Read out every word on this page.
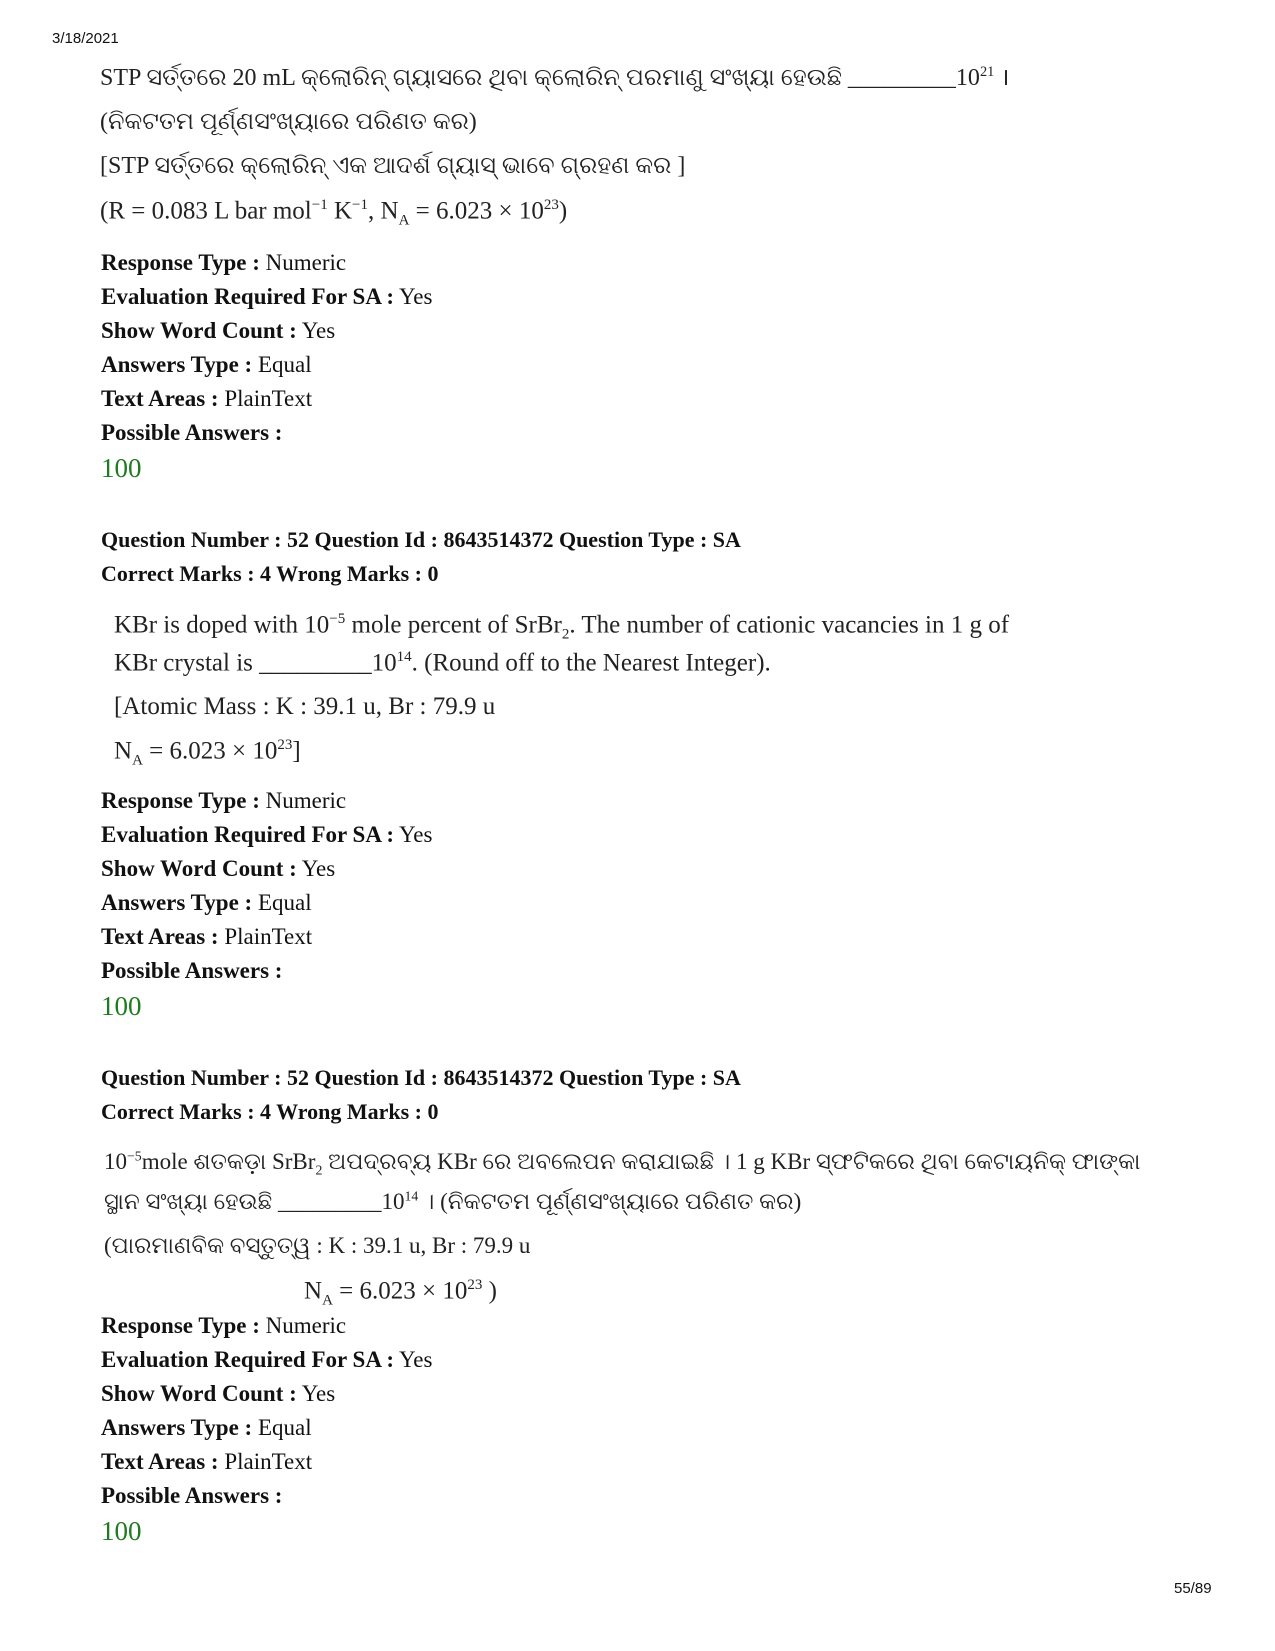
3/18/2021
STP ସର୍ତ୍ତରେ 20 mL କ୍ଲୋରିନ୍ ଗ୍ୟାସରେ ଥିବା କ୍ଲୋରିନ୍ ପରମାଣୁ ସଂଖ୍ୟା ହେଉଛି $\_\_\_\_\_\_\_\_\_10^{21}$ ।
(ନିକଟତମ ପୂର୍ଣ୍ଣସଂଖ୍ୟାରେ ପରିଣତ କର)
[STP ସର୍ତ୍ତରେ କ୍ଲୋରିନ୍ ଏକ ଆଦର୍ଶ ଗ୍ୟାସ୍ ଭାବେ ଗ୍ରହଣ କର ]
(R = 0.083 L bar mol$^{-1}$ $K^{-1}$, $N_A = 6.023 \times 10^{23}$)
Response Type : Numeric
Evaluation Required For SA : Yes
Show Word Count : Yes
Answers Type : Equal
Text Areas : PlainText
Possible Answers :
100
Question Number : 52 Question Id : 8643514372 Question Type : SA
Correct Marks : 4 Wrong Marks : 0
KBr is doped with $10^{-5}$ mole percent of SrBr$_2$. The number of cationic vacancies in 1 g of
KBr crystal is $\_\_\_\_\_\_\_\_\_10^{14}$. (Round off to the Nearest Integer).
[Atomic Mass : K : 39.1 u, Br : 79.9 u
$N_A = 6.023 \times 10^{23}$]
Response Type : Numeric
Evaluation Required For SA : Yes
Show Word Count : Yes
Answers Type : Equal
Text Areas : PlainText
Possible Answers :
100
Question Number : 52 Question Id : 8643514372 Question Type : SA
Correct Marks : 4 Wrong Marks : 0
$10^{-5}mole$ ଶତକଡ଼ା SrBr$_2$ ଅପଦ୍ରବ୍ୟ KBr ରେ ଅବଲେପନ କରାଯାଇଛି । 1 g KBr ସ୍ଫଟିକରେ ଥିବା କେଟାୟନିକ୍ ଫାଙ୍କା
ସ୍ଥାନ ସଂଖ୍ୟା ହେଉଛି $\_\_\_\_\_\_\_\_\_10^{14}$ । (ନିକଟତମ ପୂର୍ଣ୍ଣସଂଖ୍ୟାରେ ପରିଣତ କର)
(ପାରମାଣବିକ ବସ୍ତୁତ୍ୱ : K : 39.1 u, Br : 79.9 u
$N_A = 6.023 \times 10^{23}$ )
Response Type : Numeric
Evaluation Required For SA : Yes
Show Word Count : Yes
Answers Type : Equal
Text Areas : PlainText
Possible Answers :
100
55/89
